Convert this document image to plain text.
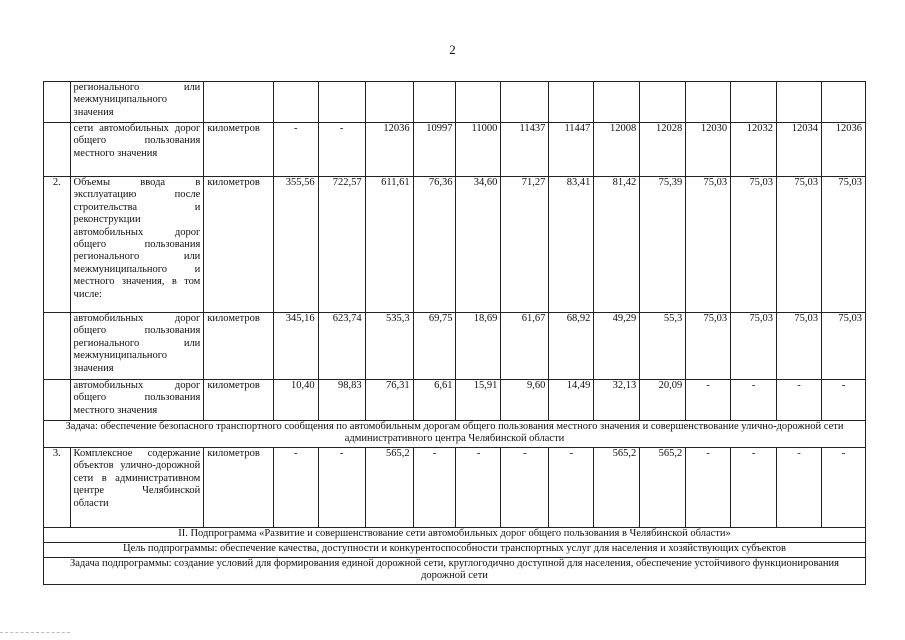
2
	регионального или межмуниципального значения														
	сети автомобильных дорог общего пользования местного значения	километров	-	-	12036	10997	11000	11437	11447	12008	12028	12030	12032	12034	12036
2.	Объемы ввода в эксплуатацию после строительства и реконструкции автомобильных дорог общего пользования регионального или межмуниципального и местного значения, в том числе:	километров	355,56	722,57	611,61	76,36	34,60	71,27	83,41	81,42	75,39	75,03	75,03	75,03	75,03
	автомобильных дорог общего пользования регионального или межмуниципального значения	километров	345,16	623,74	535,3	69,75	18,69	61,67	68,92	49,29	55,3	75,03	75,03	75,03	75,03
	автомобильных дорог общего пользования местного значения	километров	10,40	98,83	76,31	6,61	15,91	9,60	14,49	32,13	20,09	-	-	-	-
Задача: обеспечение безопасного транспортного сообщения по автомобильным дорогам общего пользования местного значения и совершенствование улично-дорожной сети административного центра Челябинской области															
3.	Комплексное содержание объектов улично-дорожной сети в административном центре Челябинской области	километров	-	-	565,2	-	-	-	-	565,2	565,2	-	-	-	-
II. Подпрограмма «Развитие и совершенствование сети автомобильных дорог общего пользования в Челябинской области»															
Цель подпрограммы: обеспечение качества, доступности и конкурентоспособности транспортных услуг для населения и хозяйствующих субъектов															
Задача подпрограммы: создание условий для формирования единой дорожной сети, круглогодично доступной для населения, обеспечение устойчивого функционирования дорожной сети															
